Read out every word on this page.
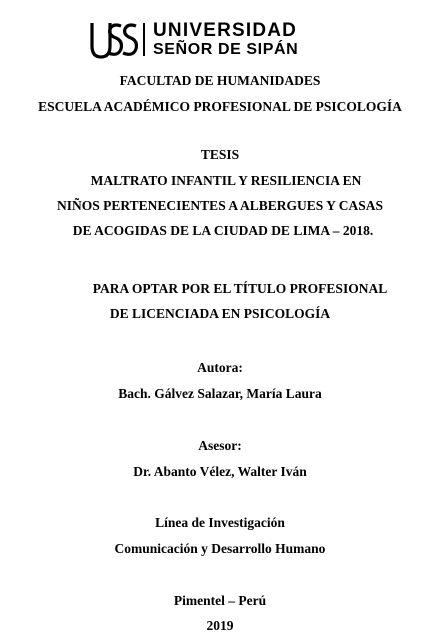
UNIVERSIDAD
SEÑOR DE SIPÁN
FACULTAD DE HUMANIDADES
ESCUELA ACADÉMICO PROFESIONAL DE PSICOLOGÍA
TESIS
MALTRATO INFANTIL Y RESILIENCIA EN
NIÑOS PERTENECIENTES A ALBERGUES Y CASAS
DE ACOGIDAS DE LA CIUDAD DE LIMA – 2018.
PARA OPTAR POR EL TÍTULO PROFESIONAL
DE LICENCIADA EN PSICOLOGÍA
Autora:
Bach. Gálvez Salazar, María Laura
Asesor:
Dr. Abanto Vélez, Walter Iván
Línea de Investigación
Comunicación y Desarrollo Humano
Pimentel – Perú
2019
